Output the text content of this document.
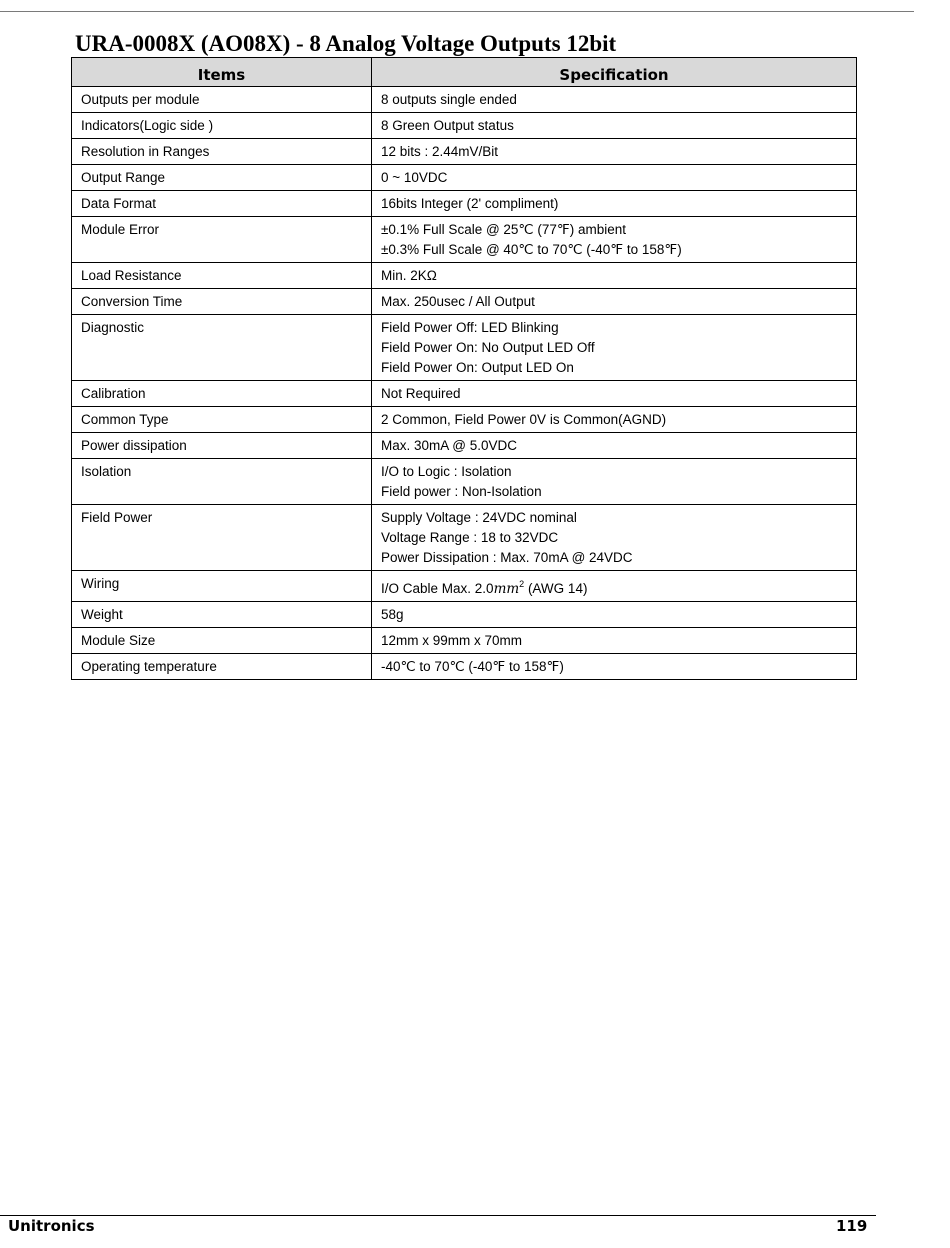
URA-0008X (AO08X) - 8 Analog Voltage Outputs 12bit
Items	Specification
Outputs per module	8 outputs single ended

Indicators(Logic side )	8 Green Output status

Resolution in Ranges	12 bits : 2.44mV/Bit

Output Range	0 ~ 10VDC

Data Format	16bits Integer (2' compliment)

Module Error	±0.1% Full Scale @ 25℃ (77℉) ambient
±0.3% Full Scale @ 40℃ to 70℃ (-40℉ to 158℉)

Load Resistance	Min. 2KΩ

Conversion Time	Max. 250usec / All Output

Diagnostic	Field Power Off: LED Blinking
Field Power On: No Output LED Off
Field Power On: Output LED On

Calibration	Not Required

Common Type	2 Common, Field Power 0V is Common(AGND)

Power dissipation	Max. 30mA @ 5.0VDC

Isolation	I/O to Logic : Isolation
Field power : Non-Isolation

Field Power	Supply Voltage : 24VDC nominal
Voltage Range : 18 to 32VDC
Power Dissipation : Max. 70mA @ 24VDC

Wiring	I/O Cable Max. $2.0mm^2$ (AWG 14)

Weight	58g

Module Size	12mm x 99mm x 70mm

Operating temperature	-40℃ to 70℃ (-40℉ to 158℉)
Unitronics	119
